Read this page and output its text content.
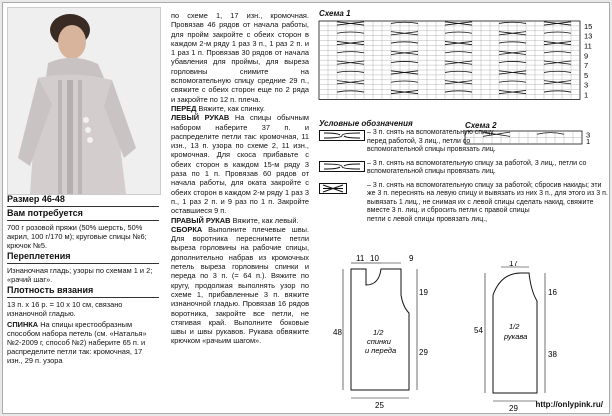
Размер 46-48
Вам потребуется

700 г розовой пряжи (50% шерсть, 50% акрил, 100 г/170 м); круговые спицы №6; крючок №5.

Переплетения

Изнаночная гладь; узоры по схемам 1 и 2; «рачий шаг».

Плотность вязания

13 п. х 16 р. = 10 х 10 см, связано изнаночной гладью.

СПИНКА На спицы крестообразным способом набора петель (см. «Наталья» №2-2009 г, способ №2) наберите 65 п. и распределите петли так: кромочная, 17 изн., 29 п. узора

по схеме 1, 17 изн., кромочная. Провязав 46 рядов от начала работы, для пройм закройте с обеих сторон в каждом 2-м ряду 1 раз 3 п., 1 раз 2 п. и 1 раз 1 п. Провязав 30 рядов от начала убавления для проймы, для выреза горловины снимите на вспомогательную спицу средние 29 п., свяжите с обеих сторон еще по 2 ряда и закройте по 12 п. плеча.

ПЕРЕД Вяжите, как спинку.

ЛЕВЫЙ РУКАВ На спицы обычным набором наберите 37 п. и распределите петли так: кромочная, 11 изн., 13 п. узора по схеме 2, 11 изн., кромочная. Для скоса прибавьте с обеих сторон в каждом 15-м ряду 3 раза по 1 п. Провязав 60 рядов от начала работы, для оката закройте с обеих сторон в каждом 2-м ряду 1 раз 3 п., 1 раз 2 п. и 9 раз по 1 п. Закройте оставшиеся 9 п.

ПРАВЫЙ РУКАВ Вяжите, как левый.

СБОРКА Выполните плечевые швы. Для воротника переснимите петли выреза горловины на рабочие спицы, дополнительно набрав из кромочных петель выреза горловины спинки и переда по 3 п. (= 64 п.). Вяжите по кругу, продолжая выполнять узор по схеме 1, прибавленные 3 п. вяжите изнаночной гладью. Провязав 16 рядов воротника, закройте все петли, не стягивая край. Выполните боковые швы и швы рукавов. Рукава обвяжите крючком «рачьим шагом».

Схема 1
15
13
11
9
7
5
3
1
Схема 2
3
1
Условные обозначения
– 3 п. снять на вспомогательную спицу перед работой, 3 лиц., петли со вспомогательной спицы провязать лиц.
– 3 п. снять на вспомогательную спицу за работой, 3 лиц., петли со вспомогательной спицы провязать лиц.
– 3 п. снять на вспомогательную спицу за работой; сбросив накиды; эти же 3 п. переснять на левую спицу и вывязать из них 3 п., для этого из 3 п. вывязать 1 лиц., не снимая их с левой спицы сделать накид, свяжите вместе 3 п. лиц. и сбросить петли с правой спицы
петли с левой спицы провязать лиц.,
11 10	9
48
19
29
25
1/2
спинки
и переда
17
54
16
38
29
1/2
рукава
http://onlypink.ru/
